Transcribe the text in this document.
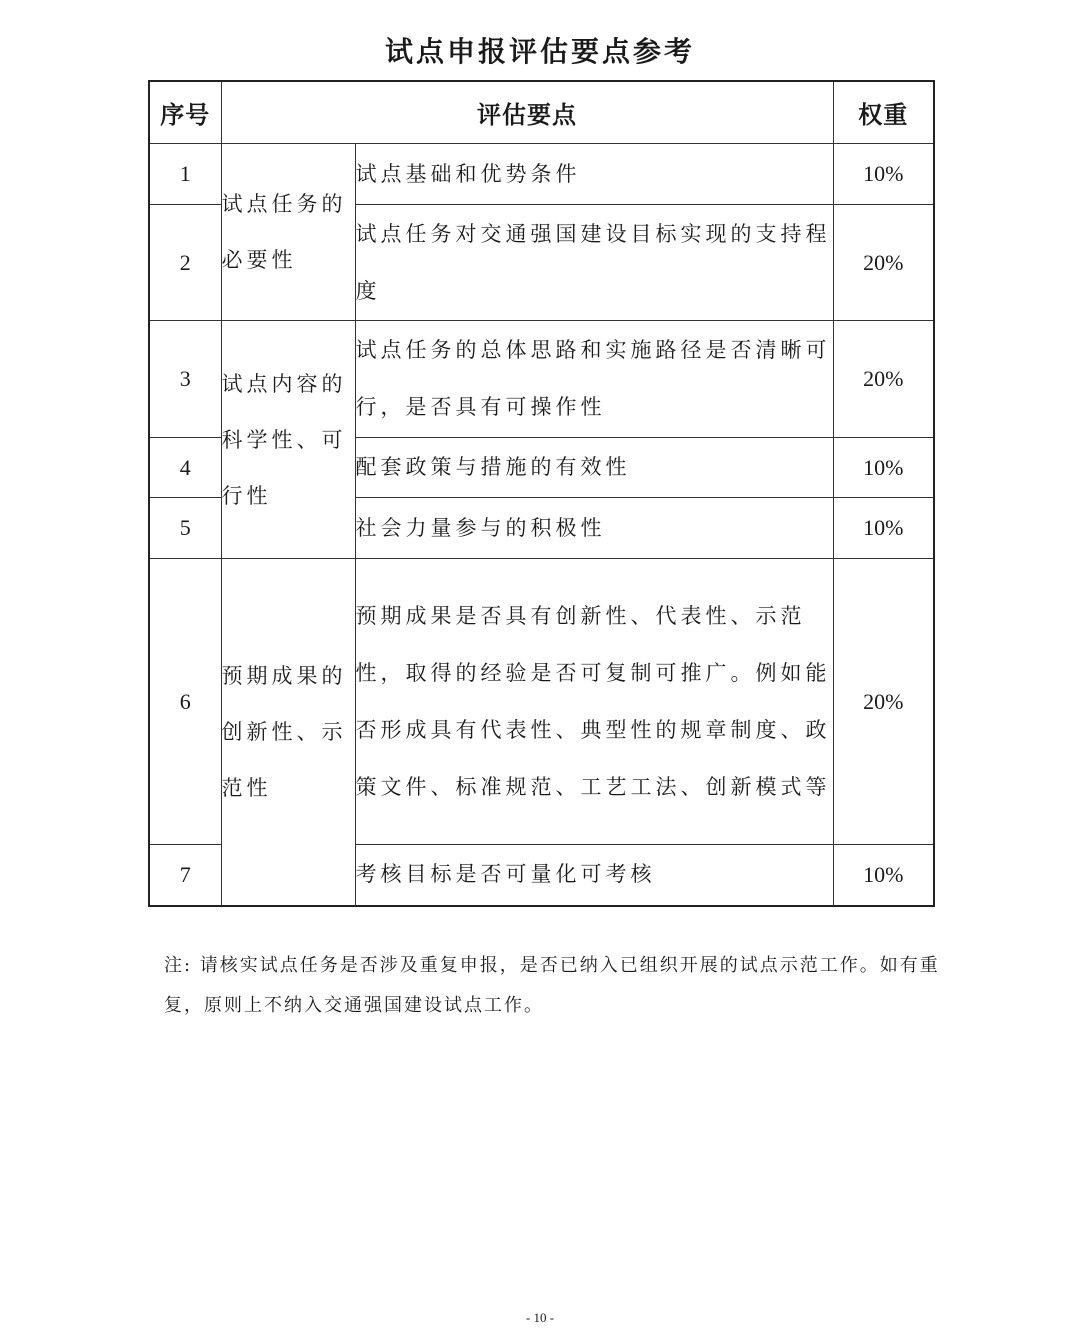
试点申报评估要点参考
序号	评估要点		权重
1	试点任务的必要性	试点基础和优势条件	10%
2		试点任务对交通强国建设目标实现的支持程度	20%
3	试点内容的科学性、可行性	试点任务的总体思路和实施路径是否清晰可行，是否具有可操作性	20%
4		配套政策与措施的有效性	10%
5		社会力量参与的积极性	10%
6	预期成果的创新性、示范性	预期成果是否具有创新性、代表性、示范性，取得的经验是否可复制可推广。例如能否形成具有代表性、典型性的规章制度、政策文件、标准规范、工艺工法、创新模式等	20%
7		考核目标是否可量化可考核	10%
注: 请核实试点任务是否涉及重复申报，是否已纳入已组织开展的试点示范工作。如有重复，原则上不纳入交通强国建设试点工作。
- 10 -
